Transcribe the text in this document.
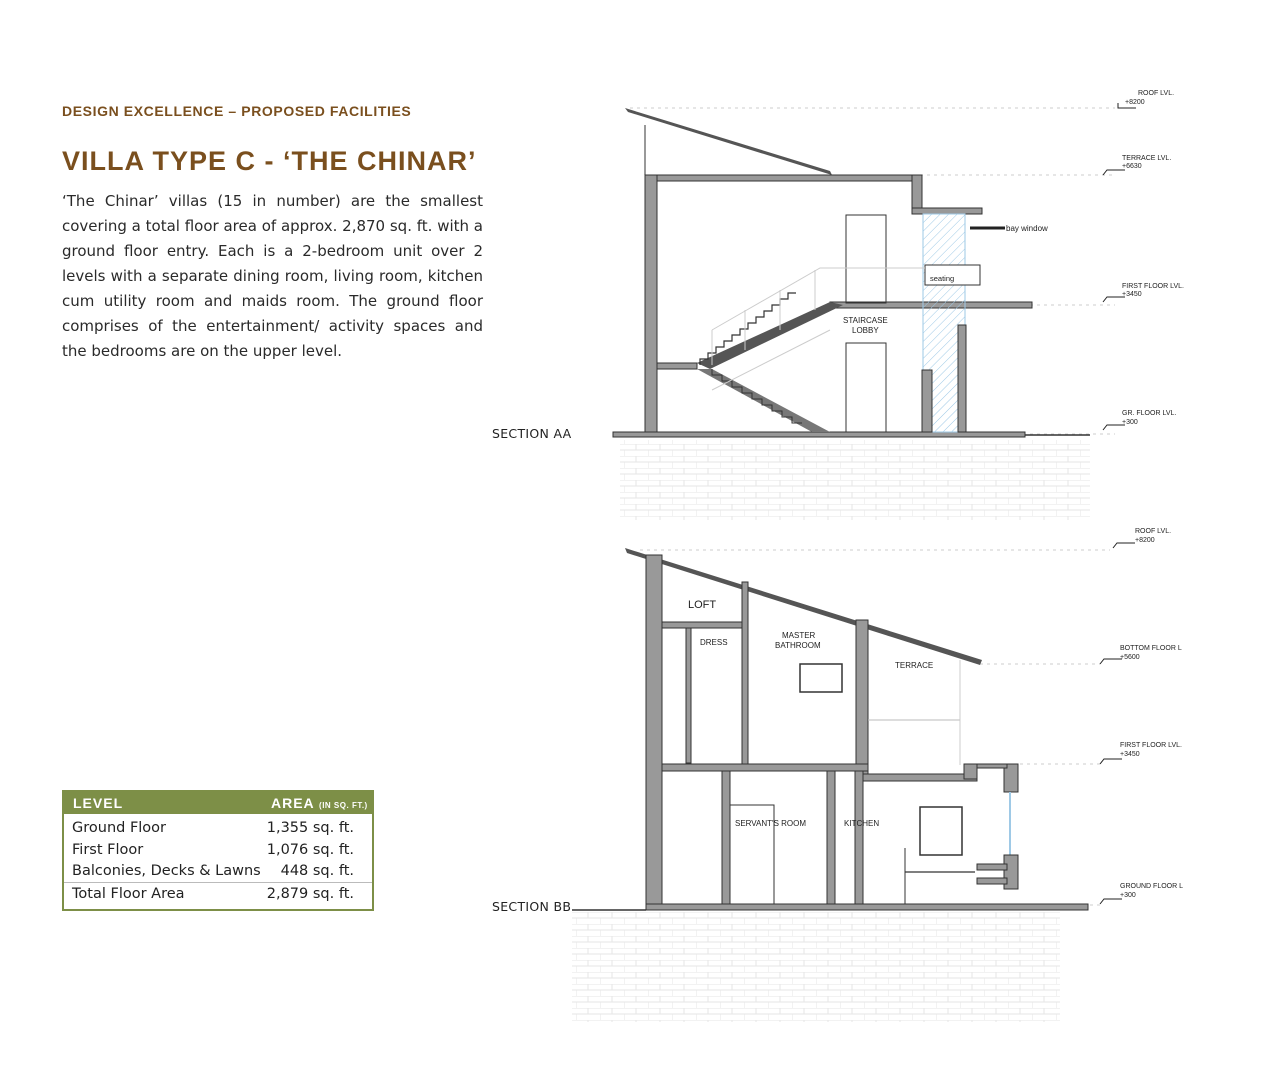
DESIGN EXCELLENCE – PROPOSED FACILITIES
VILLA TYPE C - ‘THE CHINAR’

‘The Chinar’ villas (15 in number) are the smallest covering a total floor area of approx. 2,870 sq. ft. with a ground floor entry. Each is a 2-bedroom unit over 2 levels with a separate dining room, living room, kitchen cum utility room and maids room. The ground floor comprises of the entertainment/ activity spaces and the bedrooms are on the upper level.

LEVEL	AREA (IN SQ. FT.)
Ground Floor	1,355 sq. ft.
First Floor	1,076 sq. ft.
Balconies, Decks & Lawns 448 sq. ft.
Total Floor Area	2,879 sq. ft.
SECTION AA
SECTION BB
bay window
seating
STAIRCASE
LOBBY
ROOF LVL.
+8200
TERRACE LVL.
+6630
FIRST FLOOR LVL.
+3450
GR. FLOOR LVL.
+300
LOFT
DRESS
MASTER
BATHROOM
TERRACE
SERVANT'S ROOM	KITCHEN
ROOF LVL.
+8200
BOTTOM FLOOR L
+5600
FIRST FLOOR LVL.
+3450
GROUND FLOOR L
+300
